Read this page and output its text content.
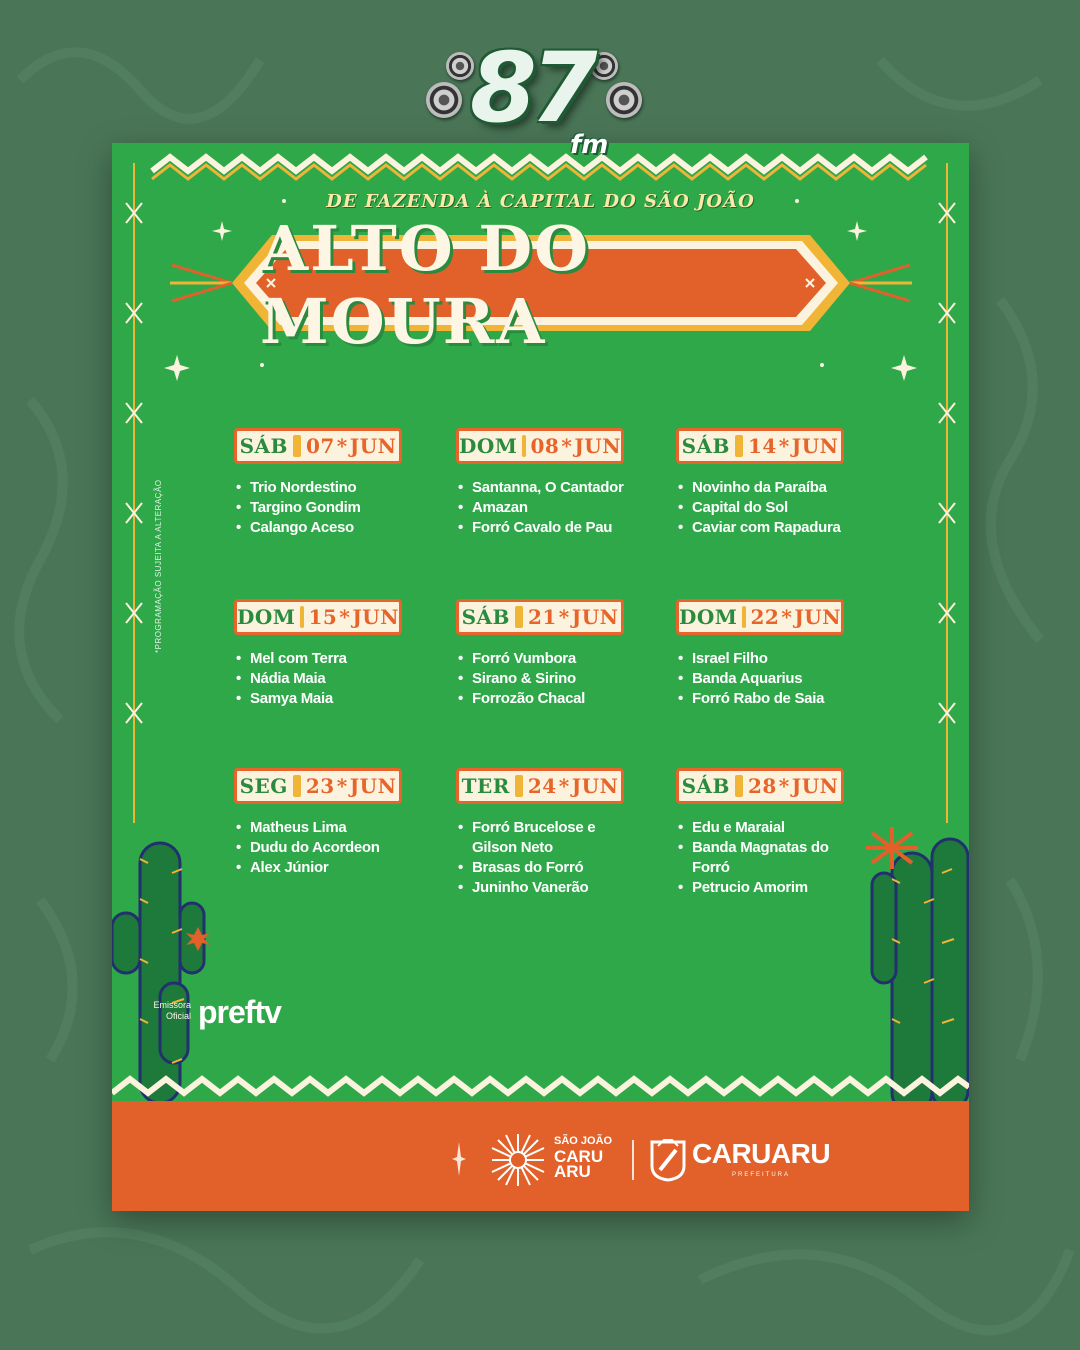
87
fm
DE FAZENDA À CAPITAL DO SÃO JOÃO
ALTO DO MOURA
*PROGRAMAÇÃO SUJEITA A ALTERAÇÃO
SÁB 07 * JUN
• Trio Nordestino
• Targino Gondim
• Calango Aceso
DOM 08 * JUN
• Santanna, O Cantador
• Amazan
• Forró Cavalo de Pau
SÁB 14 * JUN
• Novinho da Paraíba
• Capital do Sol
• Caviar com Rapadura
DOM 15 * JUN
• Mel com Terra
• Nádia Maia
• Samya Maia
SÁB 21 * JUN
• Forró Vumbora
• Sirano & Sirino
• Forrozão Chacal
DOM 22 * JUN
• Israel Filho
• Banda Aquarius
• Forró Rabo de Saia
SEG 23 * JUN
• Matheus Lima
• Dudu do Acordeon
• Alex Júnior
TER 24 * JUN
• Forró Brucelose e Gilson Neto
• Brasas do Forró
• Juninho Vanerão
SÁB 28 * JUN
• Edu e Maraial
• Banda Magnatas do Forró
• Petrucio Amorim
Emissora Oficial preftv
SÃO JOÃO
CARU
ARU
CARUARU
PREFEITURA
